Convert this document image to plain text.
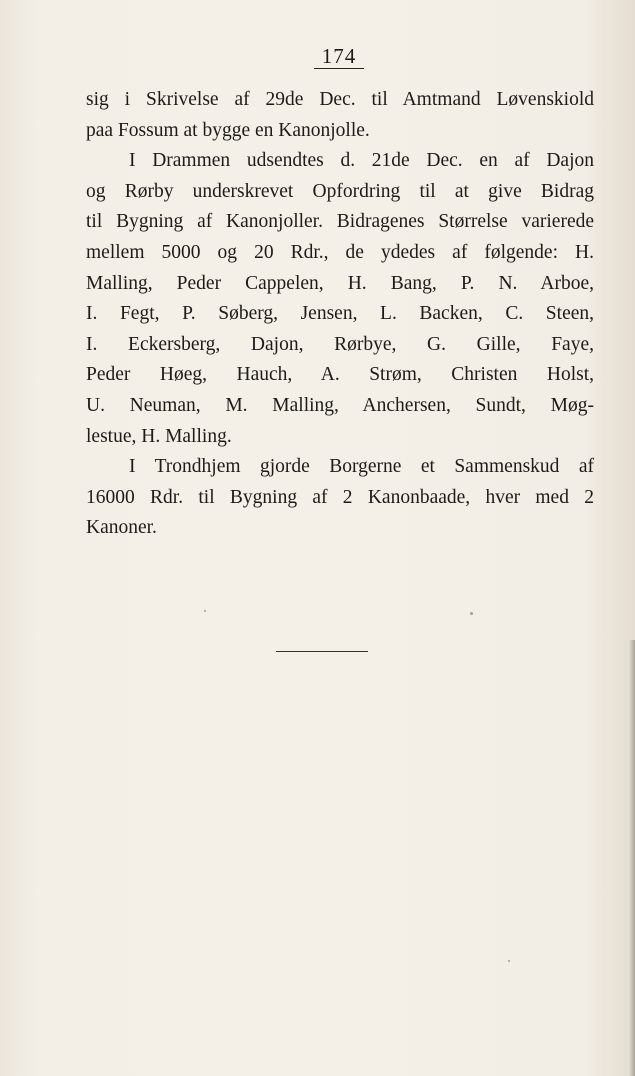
174
sig i Skrivelse af 29de Dec. til Amtmand Løvenskiold
paa Fossum at bygge en Kanonjolle.
I Drammen udsendtes d. 21de Dec. en af Dajon
og Rørby underskrevet Opfordring til at give Bidrag
til Bygning af Kanonjoller. Bidragenes Størrelse varierede
mellem 5000 og 20 Rdr., de ydedes af følgende: H.
Malling, Peder Cappelen, H. Bang, P. N. Arboe,
I. Fegt, P. Søberg, Jensen, L. Backen, C. Steen,
I. Eckersberg, Dajon, Rørbye, G. Gille, Faye,
Peder Høeg, Hauch, A. Strøm, Christen Holst,
U. Neuman, M. Malling, Anchersen, Sundt, Møg-
lestue, H. Malling.
I Trondhjem gjorde Borgerne et Sammenskud af
16000 Rdr. til Bygning af 2 Kanonbaade, hver med 2
Kanoner.
